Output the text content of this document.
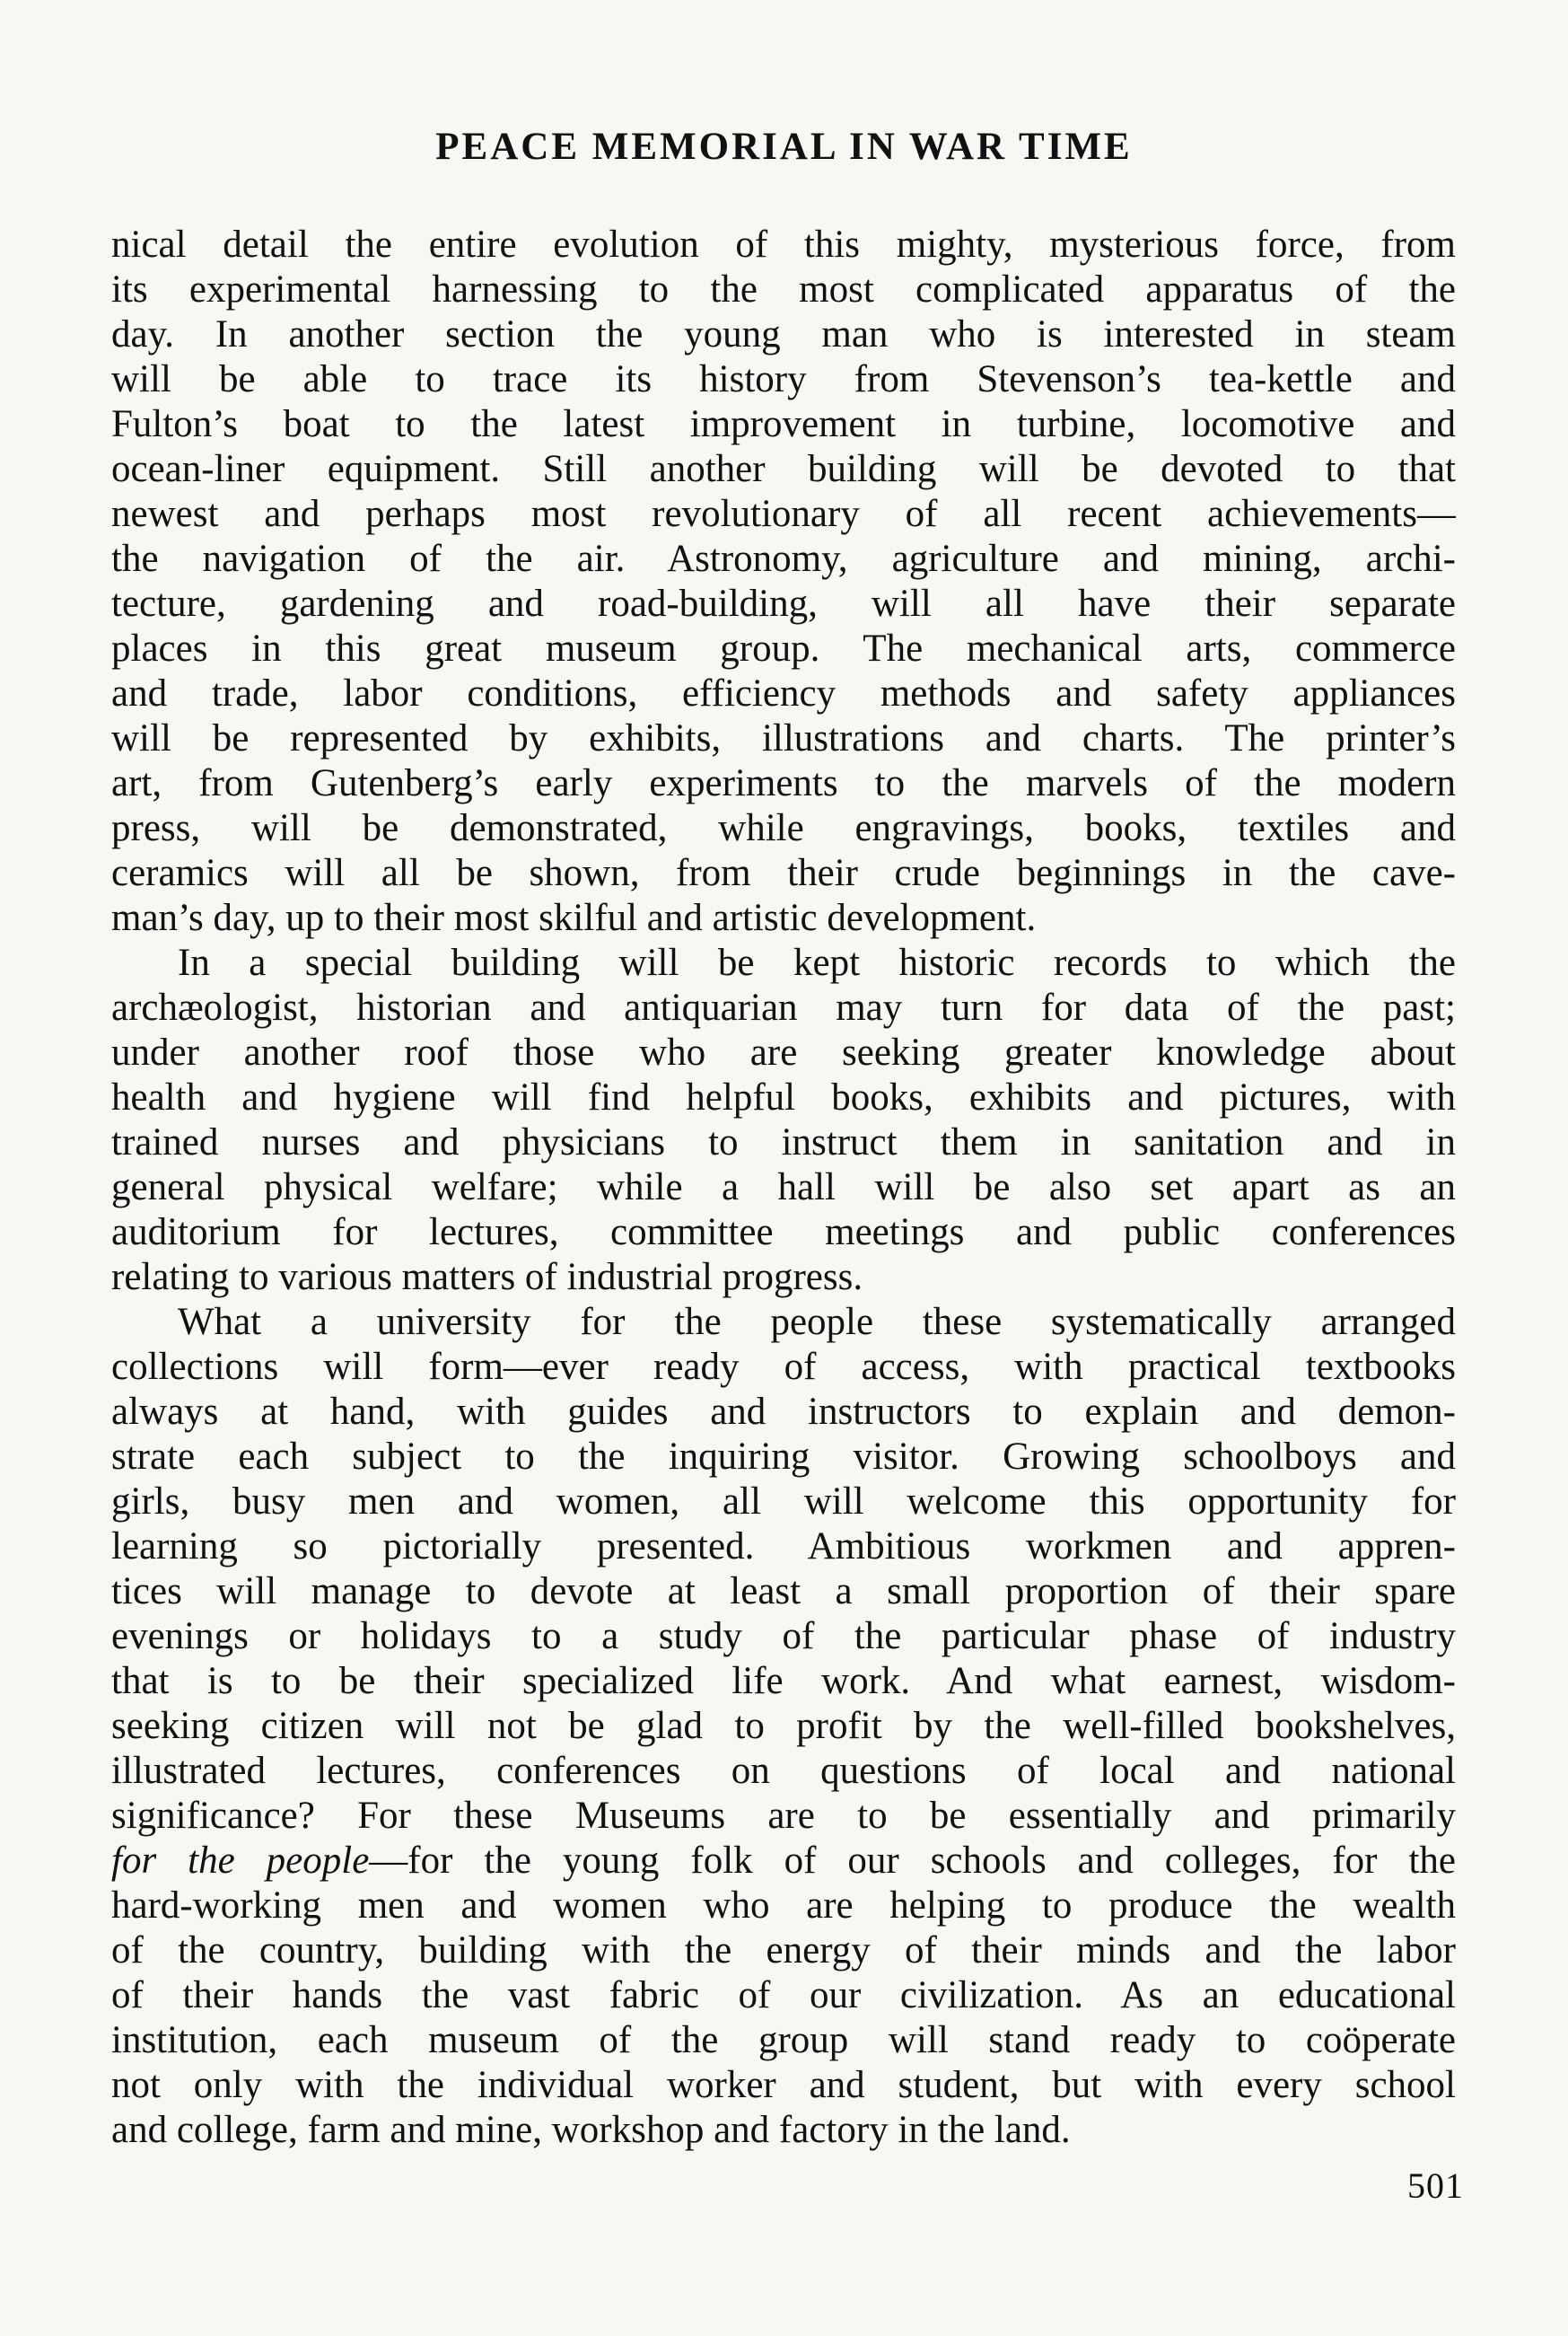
PEACE MEMORIAL IN WAR TIME
nical detail the entire evolution of this mighty, mysterious force, from
its experimental harnessing to the most complicated apparatus of the
day. In another section the young man who is interested in steam
will be able to trace its history from Stevenson’s tea-kettle and
Fulton’s boat to the latest improvement in turbine, locomotive and
ocean-liner equipment. Still another building will be devoted to that
newest and perhaps most revolutionary of all recent achievements—
the navigation of the air. Astronomy, agriculture and mining, archi-
tecture, gardening and road-building, will all have their separate
places in this great museum group. The mechanical arts, commerce
and trade, labor conditions, efficiency methods and safety appliances
will be represented by exhibits, illustrations and charts. The printer’s
art, from Gutenberg’s early experiments to the marvels of the modern
press, will be demonstrated, while engravings, books, textiles and
ceramics will all be shown, from their crude beginnings in the cave-
man’s day, up to their most skilful and artistic development.
In a special building will be kept historic records to which the
archæologist, historian and antiquarian may turn for data of the past;
under another roof those who are seeking greater knowledge about
health and hygiene will find helpful books, exhibits and pictures, with
trained nurses and physicians to instruct them in sanitation and in
general physical welfare; while a hall will be also set apart as an
auditorium for lectures, committee meetings and public conferences
relating to various matters of industrial progress.
What a university for the people these systematically arranged
collections will form—ever ready of access, with practical textbooks
always at hand, with guides and instructors to explain and demon-
strate each subject to the inquiring visitor. Growing schoolboys and
girls, busy men and women, all will welcome this opportunity for
learning so pictorially presented. Ambitious workmen and appren-
tices will manage to devote at least a small proportion of their spare
evenings or holidays to a study of the particular phase of industry
that is to be their specialized life work. And what earnest, wisdom-
seeking citizen will not be glad to profit by the well-filled bookshelves,
illustrated lectures, conferences on questions of local and national
significance? For these Museums are to be essentially and primarily
for the people—for the young folk of our schools and colleges, for the
hard-working men and women who are helping to produce the wealth
of the country, building with the energy of their minds and the labor
of their hands the vast fabric of our civilization. As an educational
institution, each museum of the group will stand ready to coöperate
not only with the individual worker and student, but with every school
and college, farm and mine, workshop and factory in the land.
501
